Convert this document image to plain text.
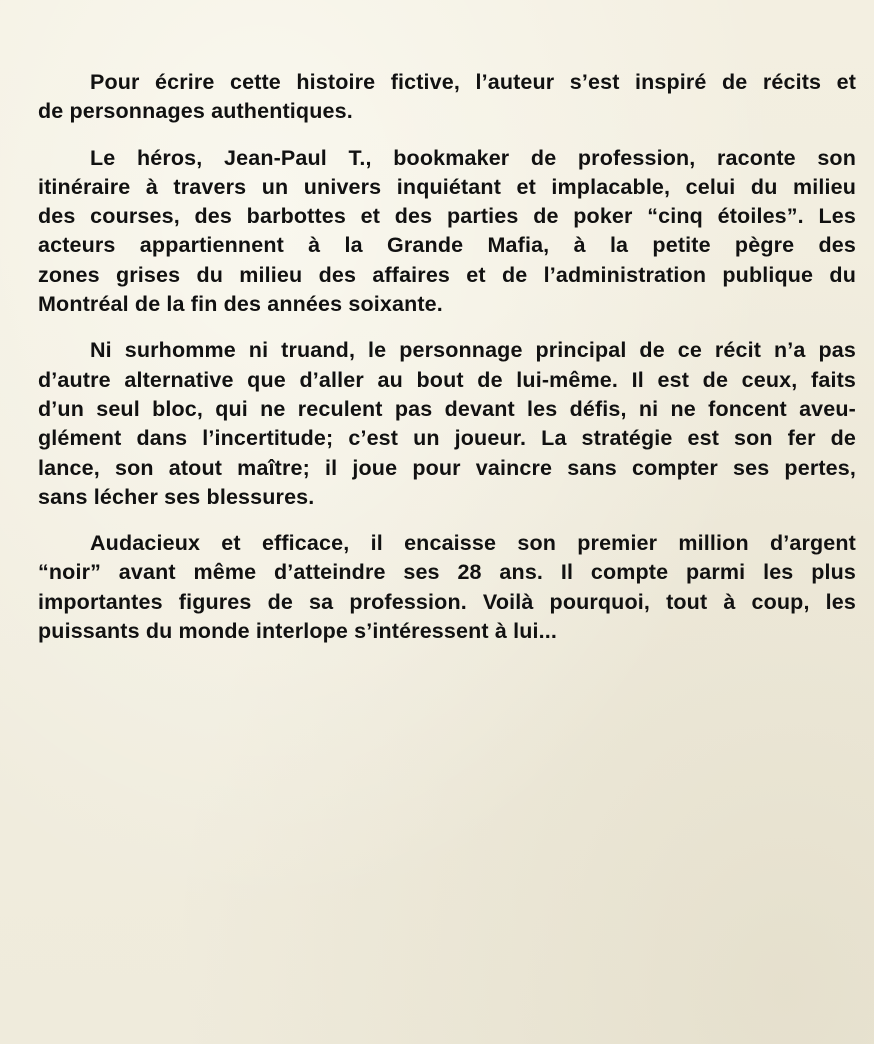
Pour écrire cette histoire fictive, l’auteur s’est inspiré de récits et
de personnages authentiques.

Le héros, Jean-Paul T., bookmaker de profession, raconte son
itinéraire à travers un univers inquiétant et implacable, celui du milieu
des courses, des barbottes et des parties de poker “cinq étoiles”. Les
acteurs appartiennent à la Grande Mafia, à la petite pègre des
zones grises du milieu des affaires et de l’administration publique du
Montréal de la fin des années soixante.

Ni surhomme ni truand, le personnage principal de ce récit n’a pas
d’autre alternative que d’aller au bout de lui-même. Il est de ceux, faits
d’un seul bloc, qui ne reculent pas devant les défis, ni ne foncent aveu-
glément dans l’incertitude; c’est un joueur. La stratégie est son fer de
lance, son atout maître; il joue pour vaincre sans compter ses pertes,
sans lécher ses blessures.

Audacieux et efficace, il encaisse son premier million d’argent
“noir” avant même d’atteindre ses 28 ans. Il compte parmi les plus
importantes figures de sa profession. Voilà pourquoi, tout à coup, les
puissants du monde interlope s’intéressent à lui...
